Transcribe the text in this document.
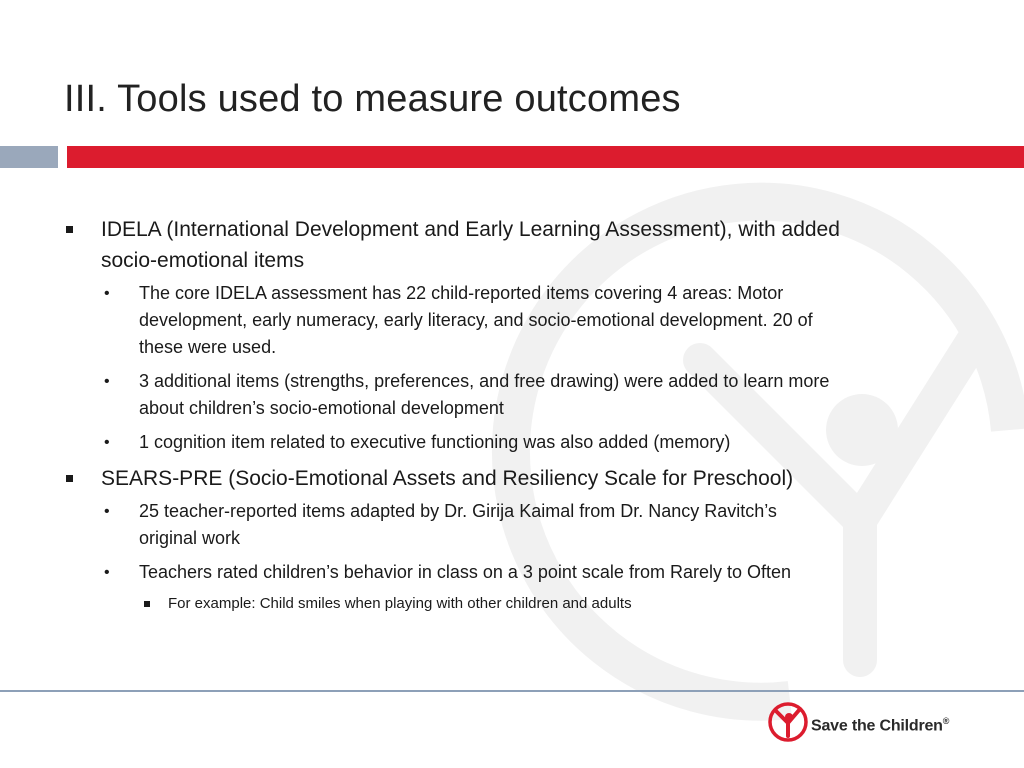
III. Tools used to measure outcomes
IDELA (International Development and Early Learning Assessment), with added
socio-emotional items
• The core IDELA assessment has 22 child-reported items covering 4 areas: Motor
development, early numeracy, early literacy, and socio-emotional development. 20 of
these were used.
• 3 additional items (strengths, preferences, and free drawing) were added to learn more
about children’s socio-emotional development
• 1 cognition item related to executive functioning was also added (memory)
SEARS-PRE (Socio-Emotional Assets and Resiliency Scale for Preschool)
• 25 teacher-reported items adapted by Dr. Girija Kaimal from Dr. Nancy Ravitch’s
original work
• Teachers rated children’s behavior in class on a 3 point scale from Rarely to Often
For example: Child smiles when playing with other children and adults
Save the Children®
